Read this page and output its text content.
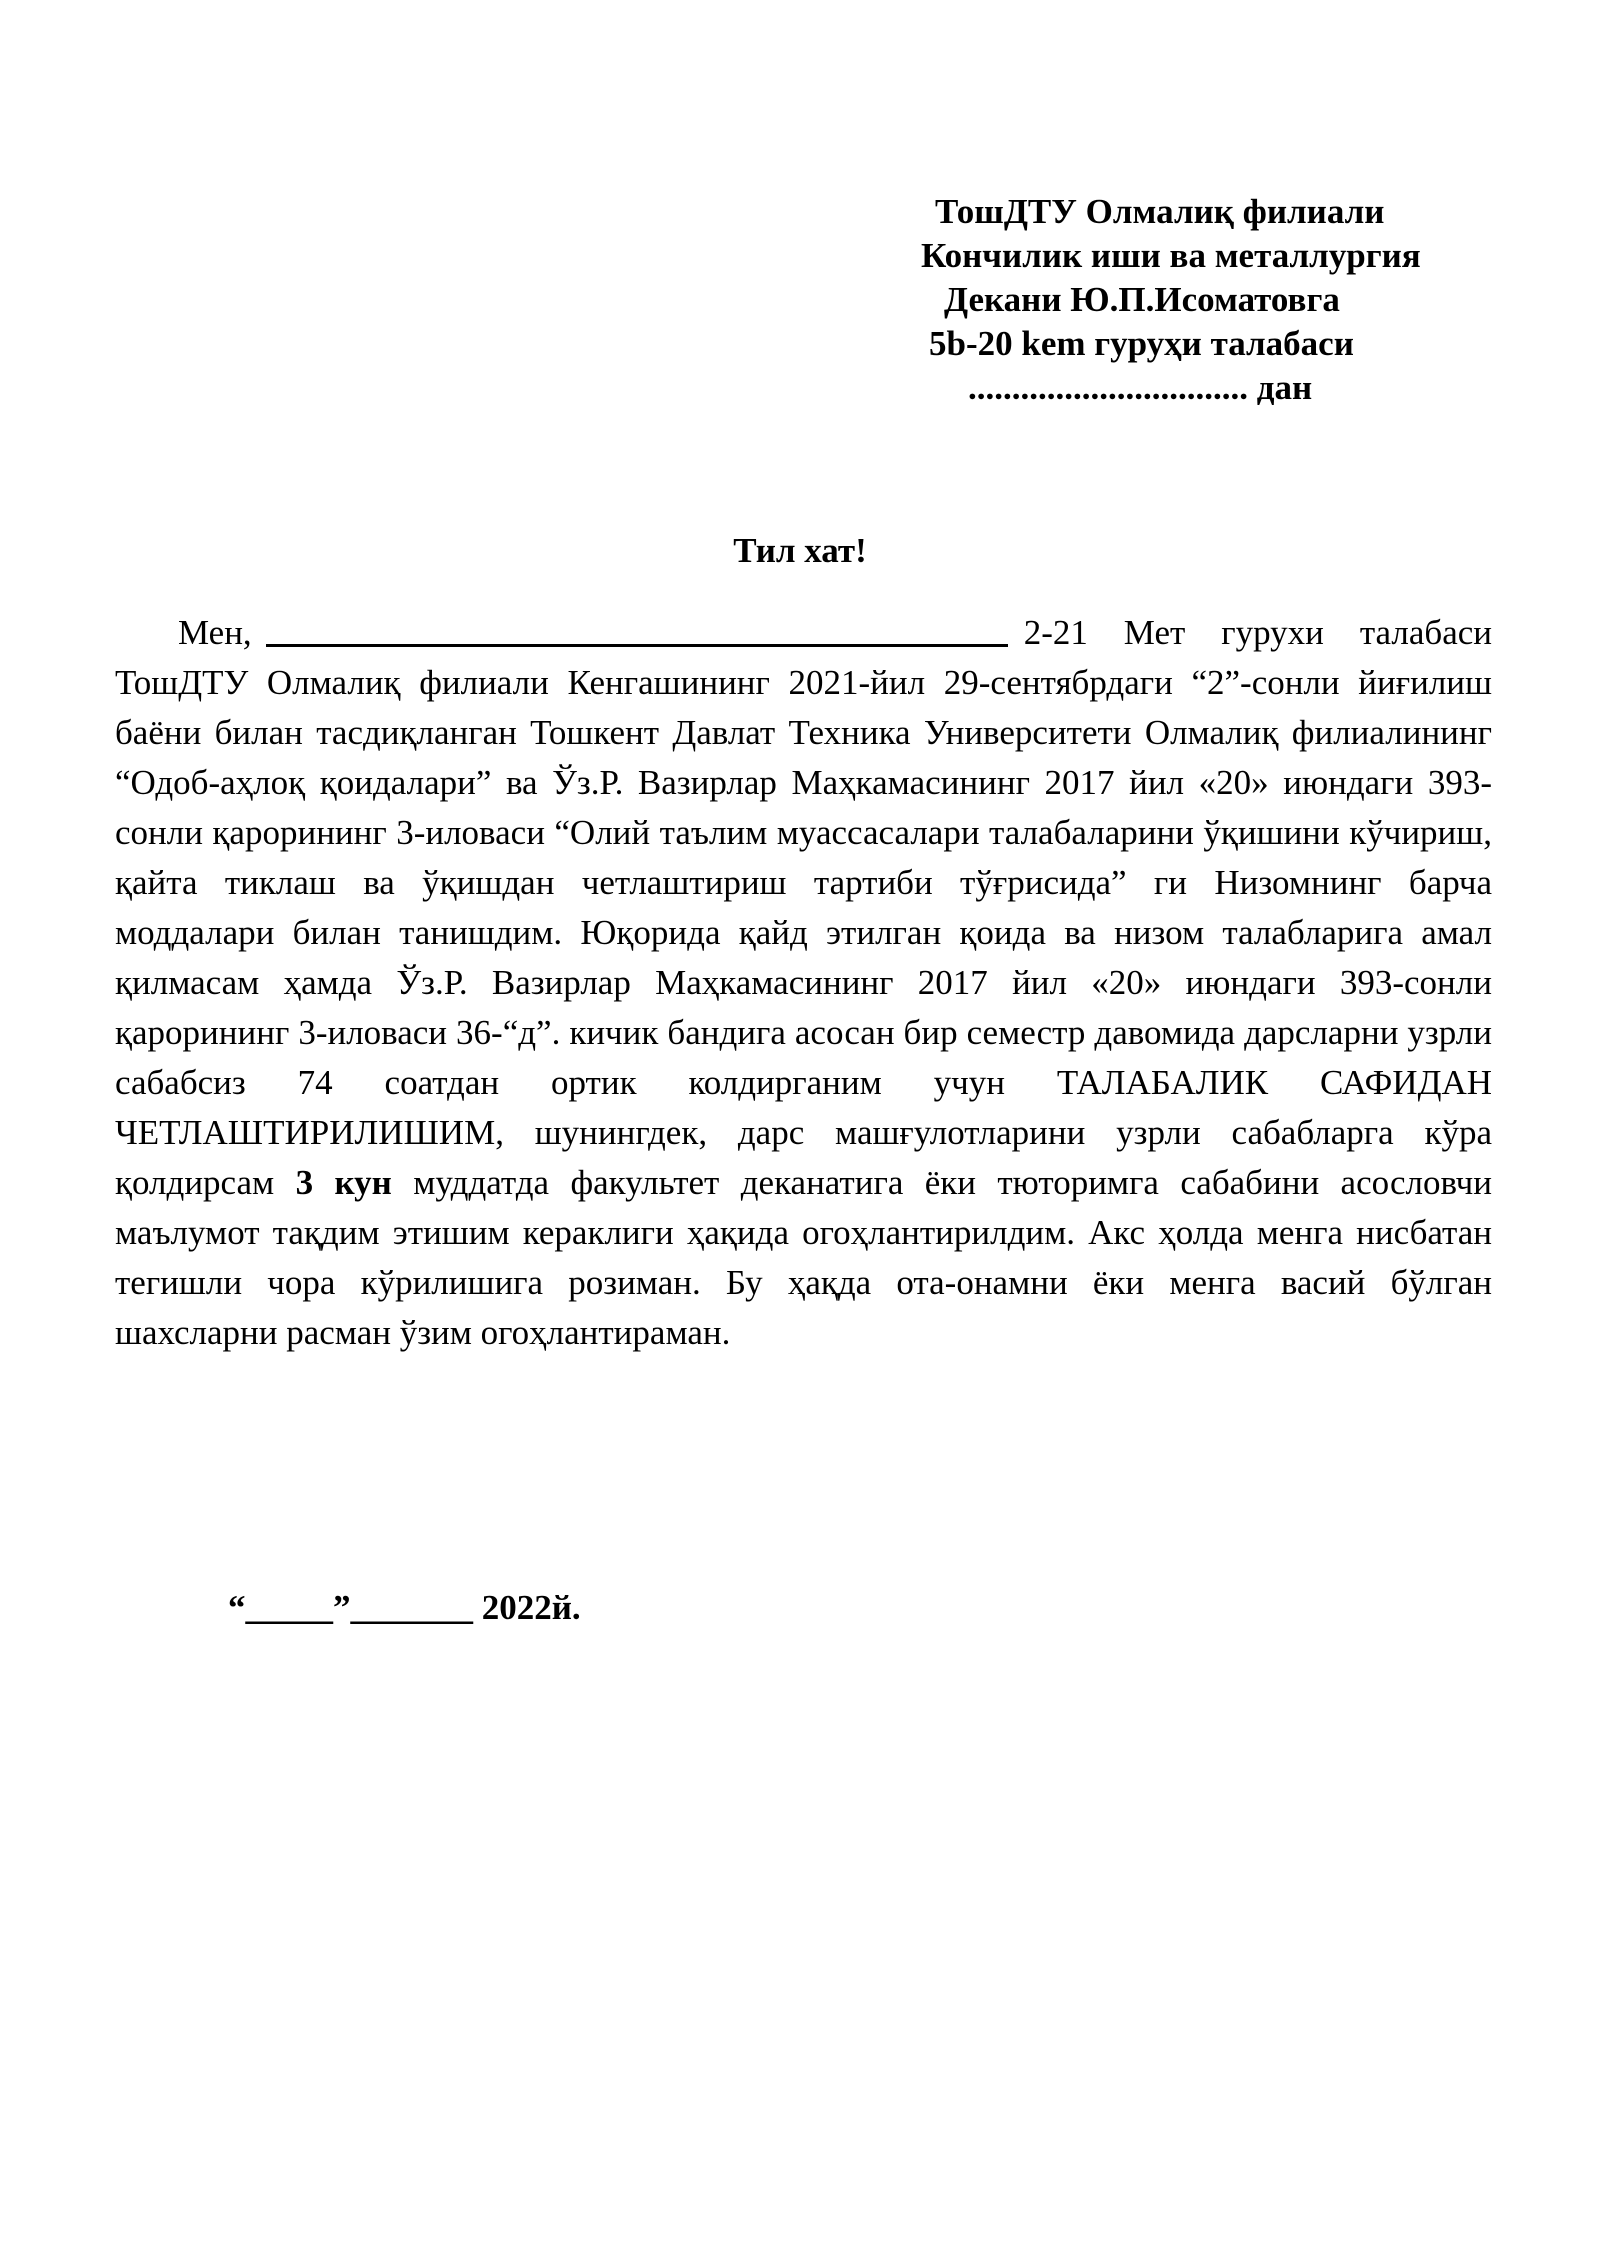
ТошДТУ Олмалиқ филиали
Кончилик иши ва металлургия
Декани Ю.П.Исоматовга
5b-20 kem гуруҳи талабаси
................................ дан
Тил хат!

Мен,	2-21 Мет гурухи талабаси ТошДТУ Олмалиқ филиали Кенгашининг 2021-йил 29-сентябрдаги “2”-сонли йиғилиш баёни билан тасдиқланган Тошкент Давлат Техника Университети Олмалиқ филиалининг “Одоб-аҳлоқ қоидалари” ва Ўз.Р. Вазирлар Маҳкамасининг 2017 йил «20» июндаги 393-сонли қарорининг 3-иловаси “Олий таълим муассасалари талабаларини ўқишини кўчириш, қайта тиклаш ва ўқишдан четлаштириш тартиби тўғрисида” ги Низомнинг барча моддалари билан танишдим. Юқорида қайд этилган қоида ва низом талабларига амал қилмасам ҳамда Ўз.Р. Вазирлар Маҳкамасининг 2017 йил «20» июндаги 393-сонли қарорининг 3-иловаси 36-“д”. кичик бандига асосан бир семестр давомида дарсларни узрли сабабсиз 74 соатдан ортик колдирганим учун ТАЛАБАЛИК САФИДАН ЧЕТЛАШТИРИЛИШИМ, шунингдек, дарс машғулотларини узрли сабабларга кўра қолдирсам 3 кун муддатда факультет деканатига ёки тюторимга сабабини асословчи маълумот тақдим этишим кераклиги ҳақида огоҳлантирилдим. Акс ҳолда менга нисбатан тегишли чора кўрилишига розиман. Бу ҳақда ота-онамни ёки менга васий бўлган шахсларни расман ўзим огоҳлантираман.

“_____”_______ 2022й.
